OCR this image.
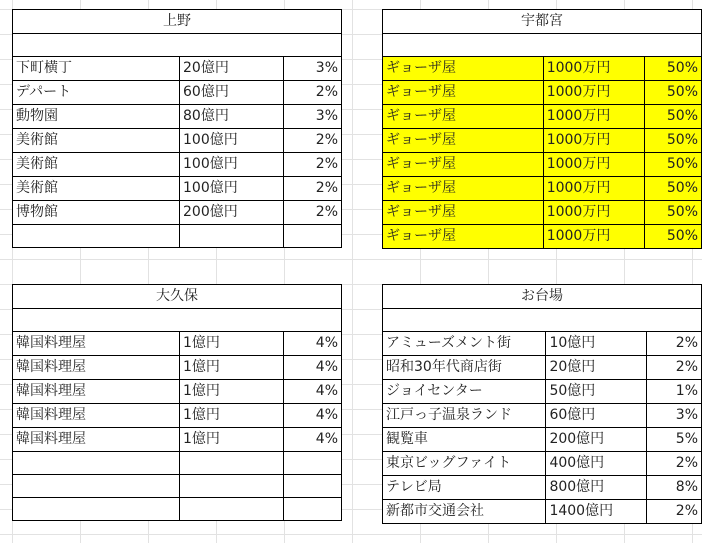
上野		

下町横丁	20億円	3%
デパート	60億円	2%
動物園	80億円	3%
美術館	100億円	2%
美術館	100億円	2%
美術館	100億円	2%
博物館	200億円	2%

宇都宮		

ギョーザ屋	1000万円	50%
ギョーザ屋	1000万円	50%
ギョーザ屋	1000万円	50%
ギョーザ屋	1000万円	50%
ギョーザ屋	1000万円	50%
ギョーザ屋	1000万円	50%
ギョーザ屋	1000万円	50%
ギョーザ屋	1000万円	50%
大久保		

韓国料理屋	1億円	4%
韓国料理屋	1億円	4%
韓国料理屋	1億円	4%
韓国料理屋	1億円	4%
韓国料理屋	1億円	4%

お台場		

アミューズメント街	10億円	2%
昭和30年代商店街	20億円	2%
ジョイセンター	50億円	1%
江戸っ子温泉ランド	60億円	3%
観覧車	200億円	5%
東京ビッグファイト	400億円	2%
テレビ局	800億円	8%
新都市交通会社	1400億円	2%
